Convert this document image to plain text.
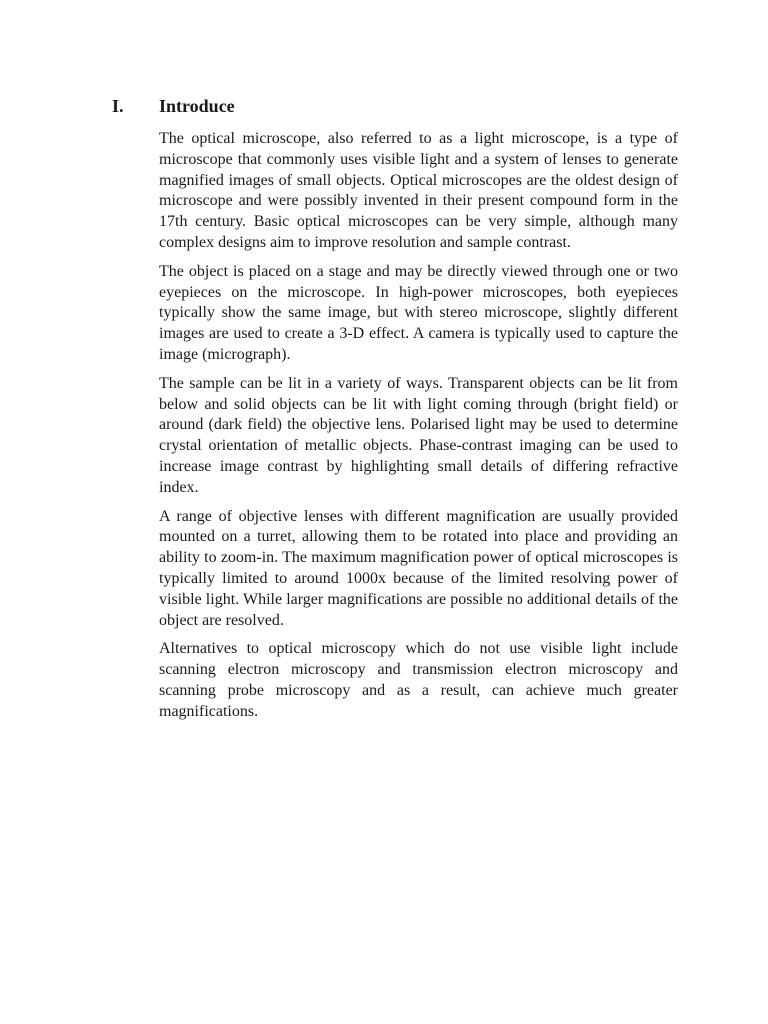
I. Introduce

The optical microscope, also referred to as a light microscope, is a type of microscope that commonly uses visible light and a system of lenses to generate magnified images of small objects. Optical microscopes are the oldest design of microscope and were possibly invented in their present compound form in the 17th century. Basic optical microscopes can be very simple, although many complex designs aim to improve resolution and sample contrast.

The object is placed on a stage and may be directly viewed through one or two eyepieces on the microscope. In high-power microscopes, both eyepieces typically show the same image, but with stereo microscope, slightly different images are used to create a 3-D effect. A camera is typically used to capture the image (micrograph).

The sample can be lit in a variety of ways. Transparent objects can be lit from below and solid objects can be lit with light coming through (bright field) or around (dark field) the objective lens. Polarised light may be used to determine crystal orientation of metallic objects. Phase-contrast imaging can be used to increase image contrast by highlighting small details of differing refractive index.

A range of objective lenses with different magnification are usually provided mounted on a turret, allowing them to be rotated into place and providing an ability to zoom-in. The maximum magnification power of optical microscopes is typically limited to around 1000x because of the limited resolving power of visible light. While larger magnifications are possible no additional details of the object are resolved.

Alternatives to optical microscopy which do not use visible light include scanning electron microscopy and transmission electron microscopy and scanning probe microscopy and as a result, can achieve much greater magnifications.
